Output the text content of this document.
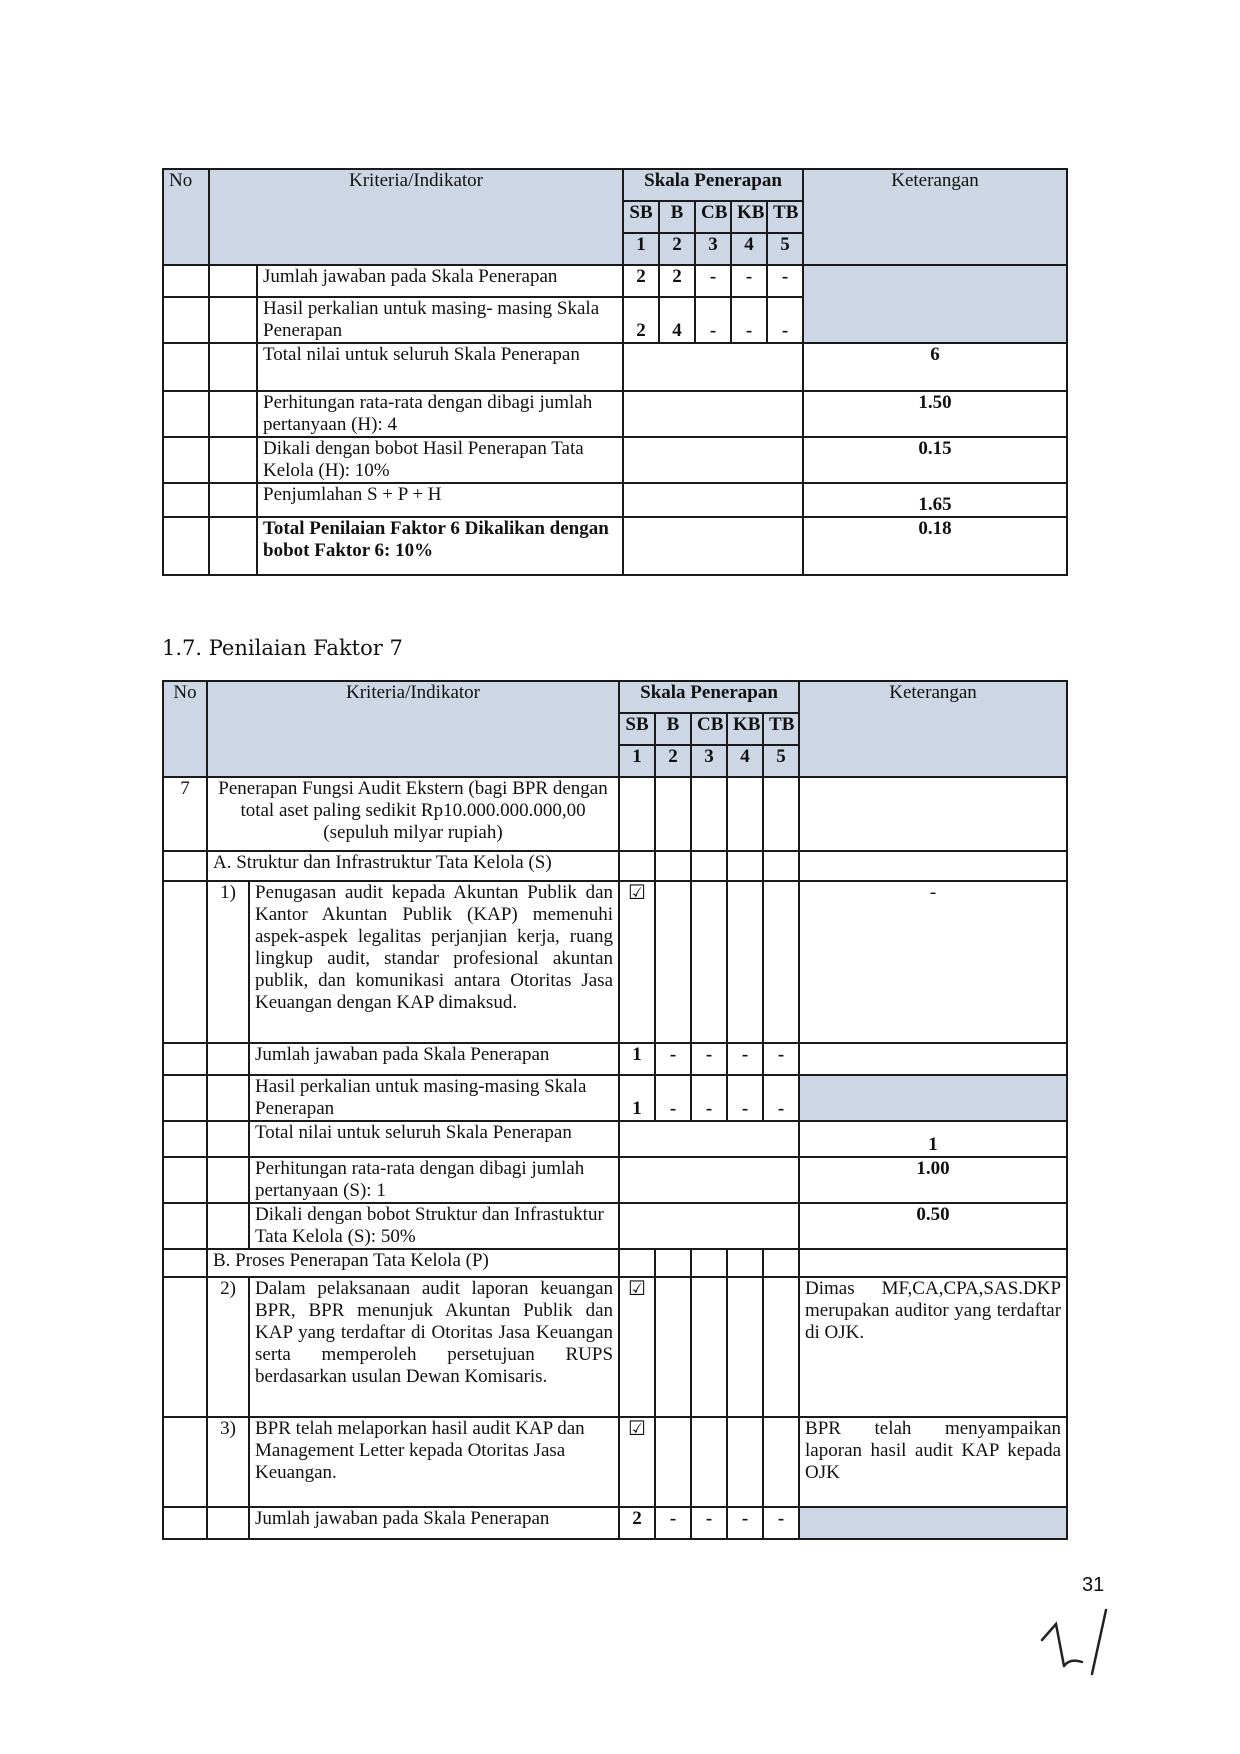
No	Kriteria/Indikator		Skala Penerapan					Keterangan
			SB	B	CB	KB	TB	
			1	2	3	4	5	
		Jumlah jawaban pada Skala Penerapan	2	2	-	-	-	
		Hasil perkalian untuk masing- masing Skala Penerapan	2	4	-	-	-	
		Total nilai untuk seluruh Skala Penerapan						6
		Perhitungan rata-rata dengan dibagi jumlah pertanyaan (H): 4						1.50
		Dikali dengan bobot Hasil Penerapan Tata Kelola (H): 10%						0.15
		Penjumlahan S + P + H						1.65
		Total Penilaian Faktor 6 Dikalikan dengan bobot Faktor 6: 10%						0.18
1.7. Penilaian Faktor 7
No	Kriteria/Indikator		Skala Penerapan					Keterangan
			SB	B	CB	KB	TB	
			1	2	3	4	5	
7	Penerapan Fungsi Audit Ekstern (bagi BPR dengan total aset paling sedikit Rp10.000.000.000,00 (sepuluh milyar rupiah)							
	A. Struktur dan Infrastruktur Tata Kelola (S)							
	1)	Penugasan audit kepada Akuntan Publik dan Kantor Akuntan Publik (KAP) memenuhi aspek-aspek legalitas perjanjian kerja, ruang lingkup audit, standar profesional akuntan publik, dan komunikasi antara Otoritas Jasa Keuangan dengan KAP dimaksud.	☑					-
		Jumlah jawaban pada Skala Penerapan	1	-	-	-	-	
		Hasil perkalian untuk masing-masing Skala Penerapan	1	-	-	-	-	
		Total nilai untuk seluruh Skala Penerapan						1
		Perhitungan rata-rata dengan dibagi jumlah pertanyaan (S): 1						1.00
		Dikali dengan bobot Struktur dan Infrastuktur Tata Kelola (S): 50%						0.50
	B. Proses Penerapan Tata Kelola (P)							
	2)	Dalam pelaksanaan audit laporan keuangan BPR, BPR menunjuk Akuntan Publik dan KAP yang terdaftar di Otoritas Jasa Keuangan serta memperoleh persetujuan RUPS berdasarkan usulan Dewan Komisaris.	☑					Dimas MF,CA,CPA,SAS.DKP merupakan auditor yang terdaftar di OJK.
	3)	BPR telah melaporkan hasil audit KAP dan Management Letter kepada Otoritas Jasa Keuangan.	☑					BPR telah menyampaikan laporan hasil audit KAP kepada OJK
		Jumlah jawaban pada Skala Penerapan	2	-	-	-	-	
31
